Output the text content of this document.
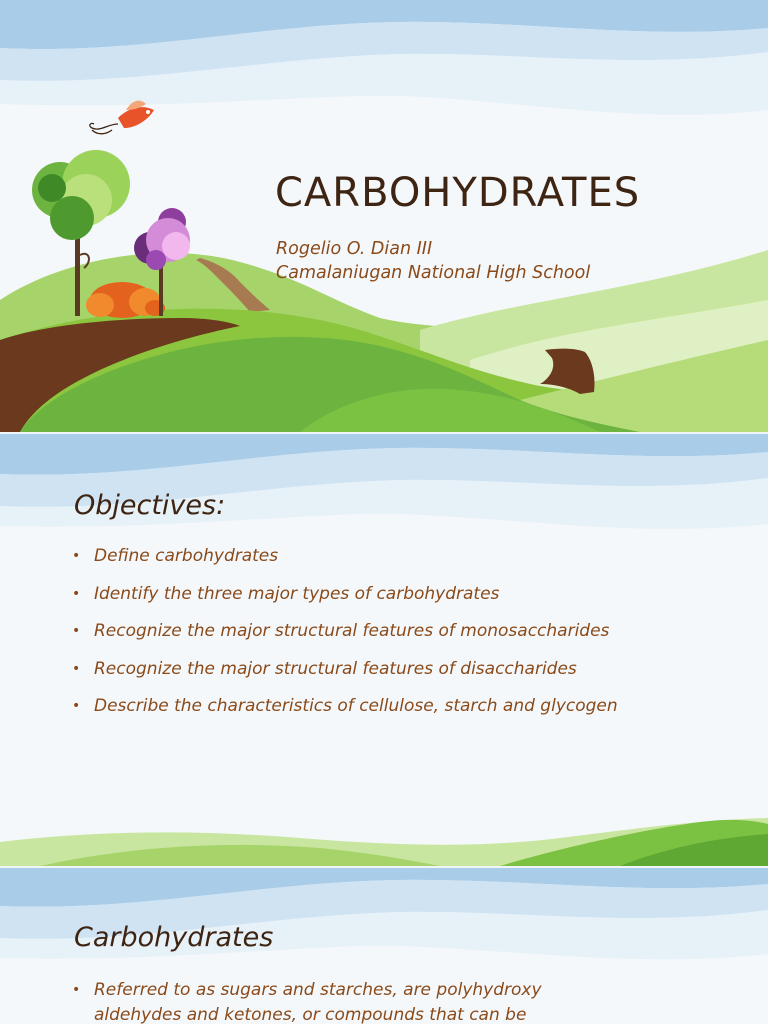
CARBOHYDRATES
Rogelio O. Dian III
Camalaniugan National High School
Objectives:
• Define carbohydrates
• Identify the three major types of carbohydrates
• Recognize the major structural features of monosaccharides
• Recognize the major structural features of disaccharides
• Describe the characteristics of cellulose, starch and glycogen
Carbohydrates
• Referred to as sugars and starches, are polyhydroxy aldehydes and ketones, or compounds that can be
